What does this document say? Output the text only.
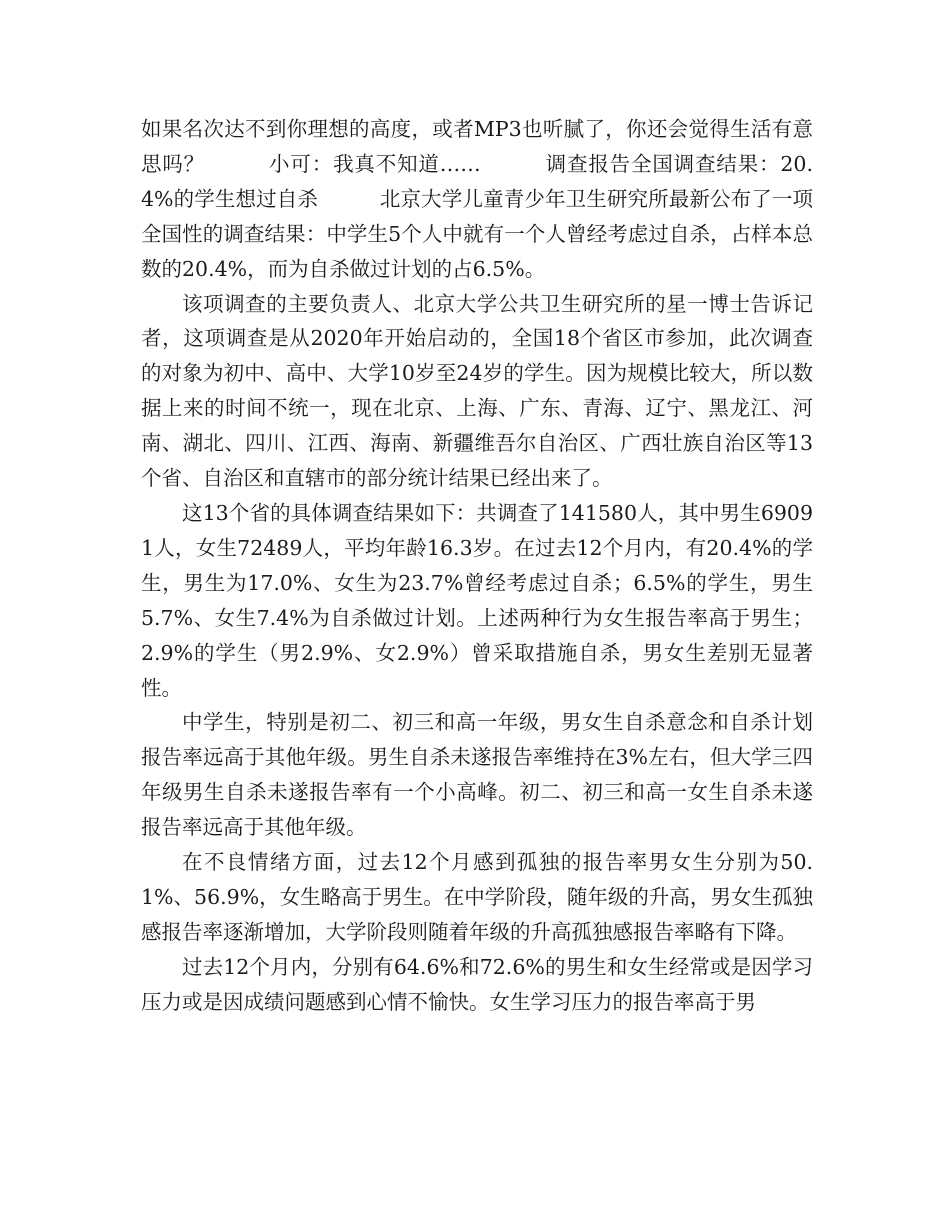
如果名次达不到你理想的高度，或者MP3也听腻了，你还会觉得生活有意思吗？　　　小可：我真不知道……　　　调查报告全国调查结果：20.4%的学生想过自杀　　　北京大学儿童青少年卫生研究所最新公布了一项全国性的调查结果：中学生5个人中就有一个人曾经考虑过自杀，占样本总数的20.4%，而为自杀做过计划的占6.5%。

该项调查的主要负责人、北京大学公共卫生研究所的星一博士告诉记者，这项调查是从2020年开始启动的，全国18个省区市参加，此次调查的对象为初中、高中、大学10岁至24岁的学生。因为规模比较大，所以数据上来的时间不统一，现在北京、上海、广东、青海、辽宁、黑龙江、河南、湖北、四川、江西、海南、新疆维吾尔自治区、广西壮族自治区等13个省、自治区和直辖市的部分统计结果已经出来了。

这13个省的具体调查结果如下：共调查了141580人，其中男生69091人，女生72489人，平均年龄16.3岁。在过去12个月内，有20.4%的学生，男生为17.0%、女生为23.7%曾经考虑过自杀；6.5%的学生，男生5.7%、女生7.4%为自杀做过计划。上述两种行为女生报告率高于男生；2.9%的学生（男2.9%、女2.9%）曾采取措施自杀，男女生差别无显著性。

中学生，特别是初二、初三和高一年级，男女生自杀意念和自杀计划报告率远高于其他年级。男生自杀未遂报告率维持在3%左右，但大学三四年级男生自杀未遂报告率有一个小高峰。初二、初三和高一女生自杀未遂报告率远高于其他年级。

在不良情绪方面，过去12个月感到孤独的报告率男女生分别为50.1%、56.9%，女生略高于男生。在中学阶段，随年级的升高，男女生孤独感报告率逐渐增加，大学阶段则随着年级的升高孤独感报告率略有下降。

过去12个月内，分别有64.6%和72.6%的男生和女生经常或是因学习压力或是因成绩问题感到心情不愉快。女生学习压力的报告率高于男
